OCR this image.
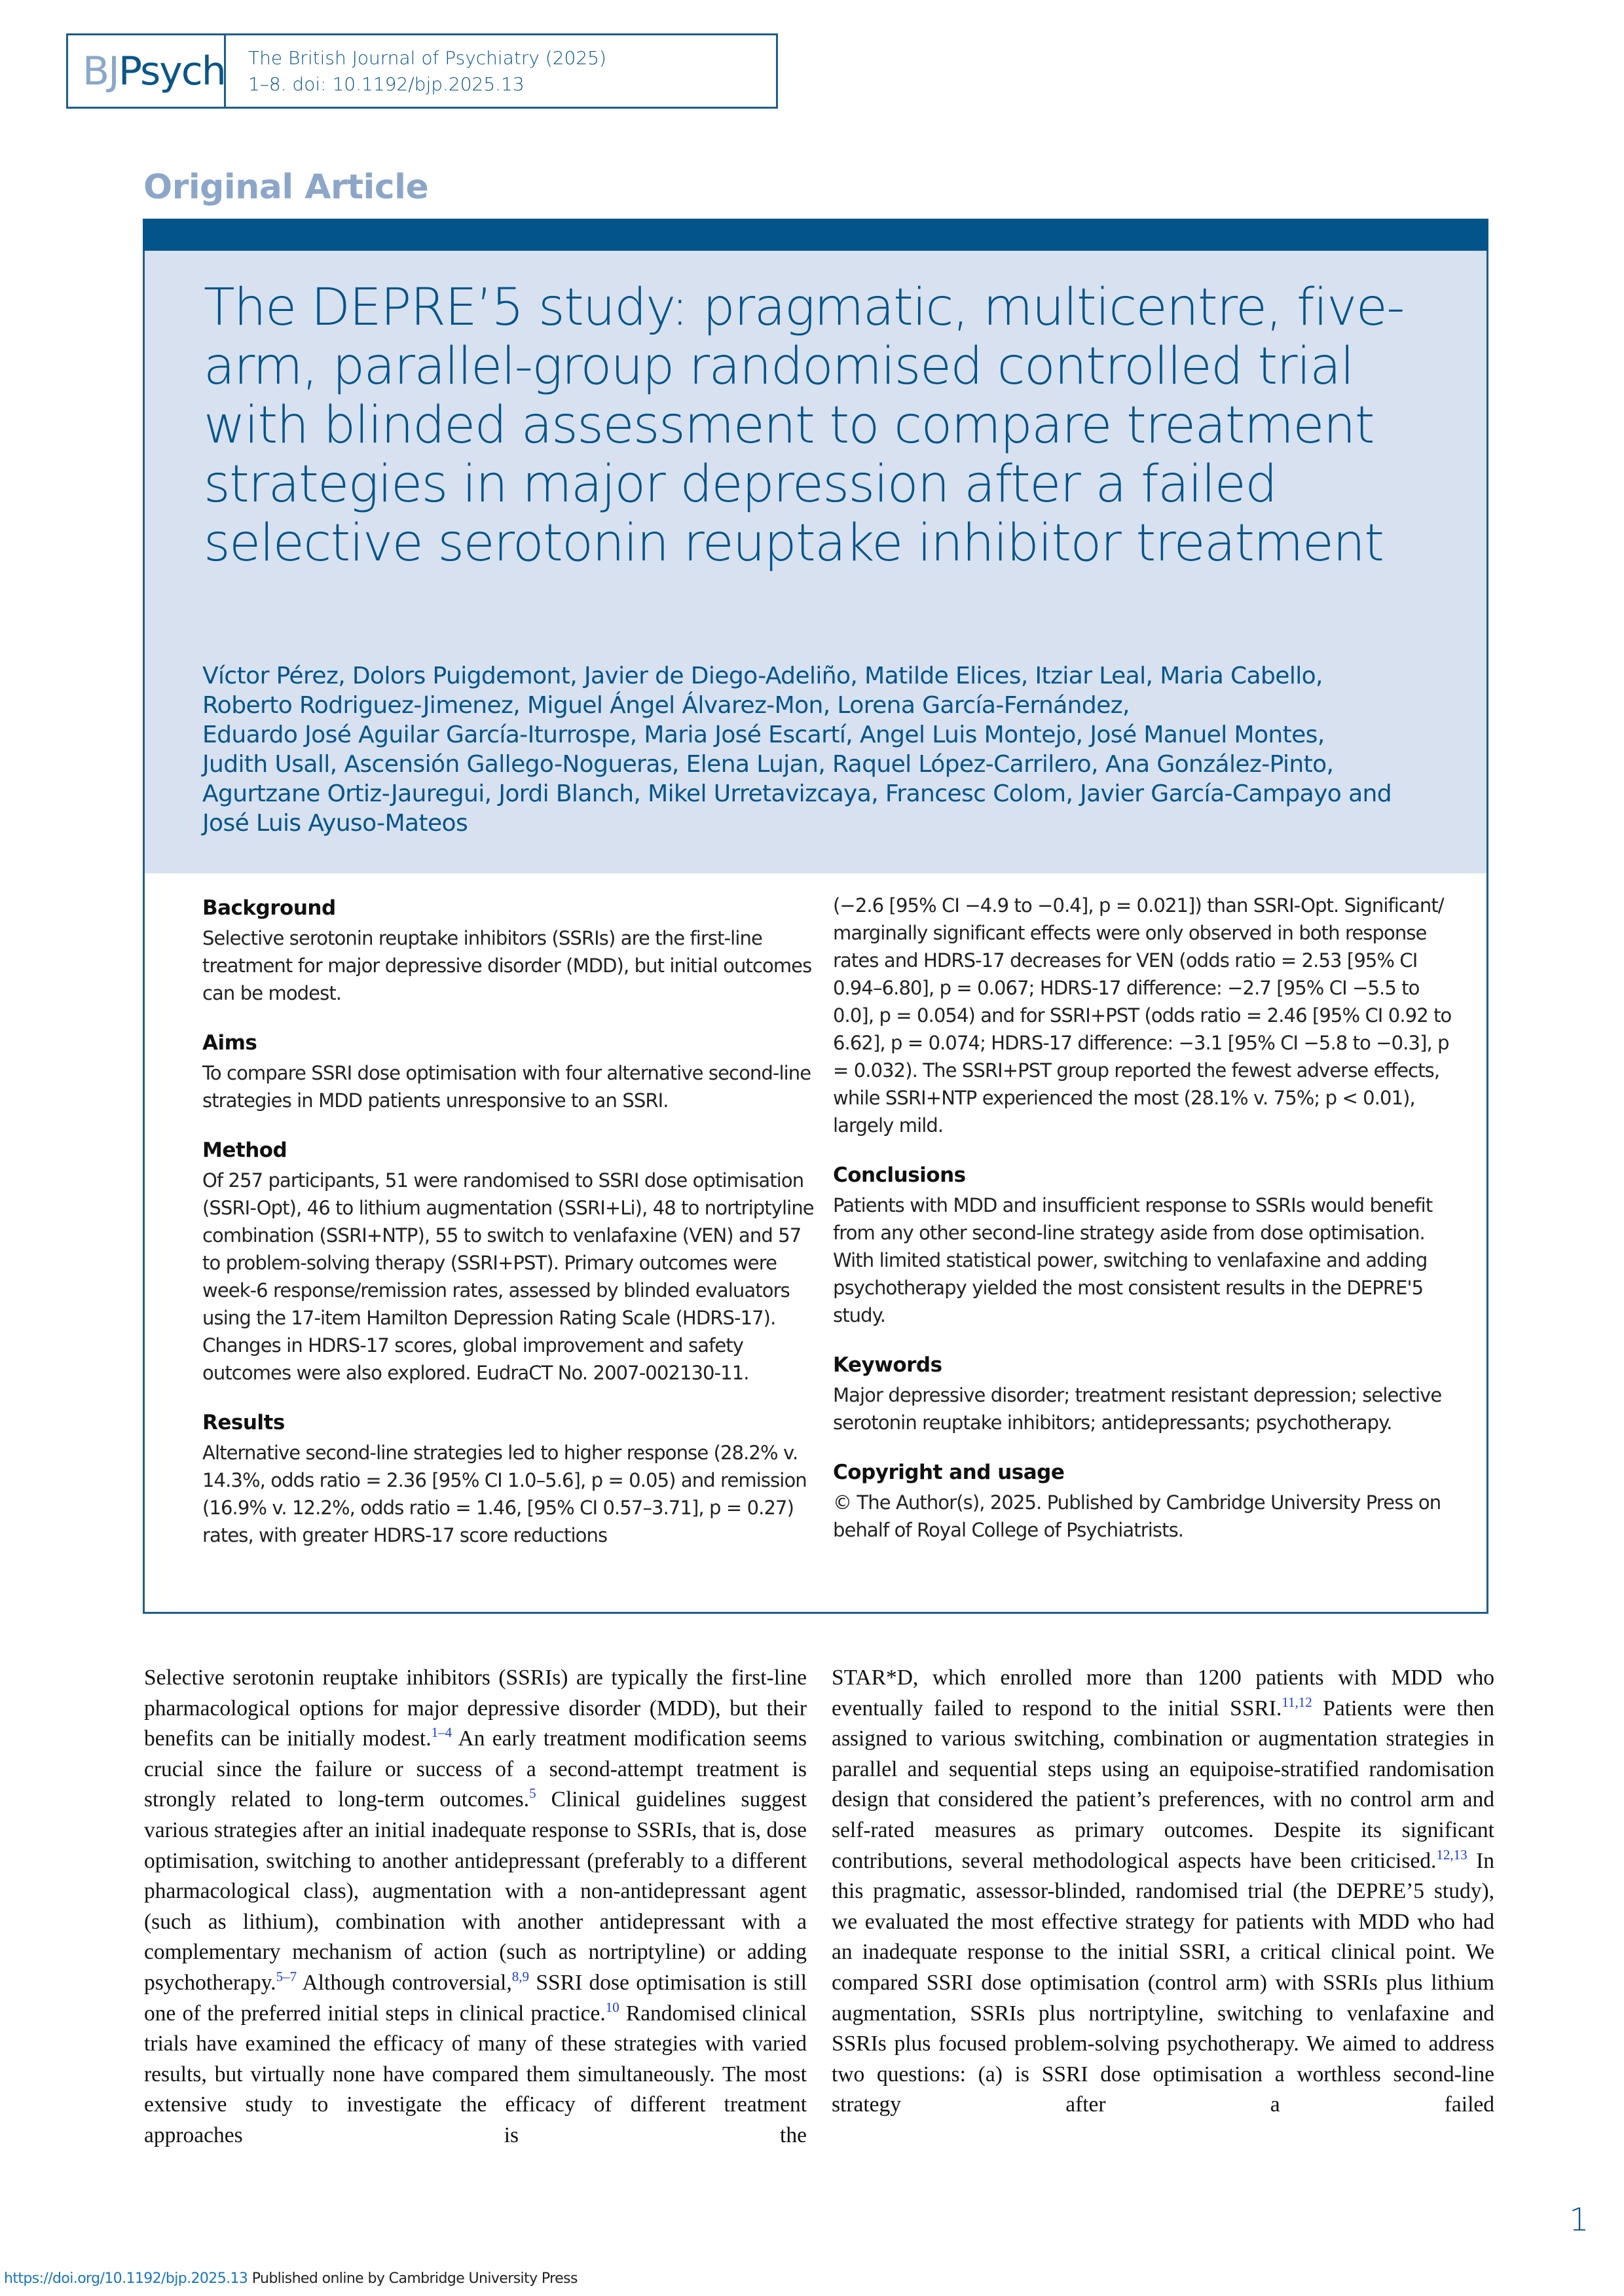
BJ Psych The British Journal of Psychiatry (2025)
1–8. doi: 10.1192/bjp.2025.13
Original Article
The DEPRE’5 study: pragmatic, multicentre, five-arm, parallel-group randomised controlled trial with blinded assessment to compare treatment strategies in major depression after a failed selective serotonin reuptake inhibitor treatment
Víctor Pérez, Dolors Puigdemont, Javier de Diego-Adeliño, Matilde Elices, Itziar Leal, Maria Cabello,
Roberto Rodriguez-Jimenez, Miguel Ángel Álvarez-Mon, Lorena García-Fernández,
Eduardo José Aguilar García-Iturrospe, Maria José Escartí, Angel Luis Montejo, José Manuel Montes,
Judith Usall, Ascensión Gallego-Nogueras, Elena Lujan, Raquel López-Carrilero, Ana González-Pinto,
Agurtzane Ortiz-Jauregui, Jordi Blanch, Mikel Urretavizcaya, Francesc Colom, Javier García-Campayo and
José Luis Ayuso-Mateos
Background
Selective serotonin reuptake inhibitors (SSRIs) are the first-line treatment for major depressive disorder (MDD), but initial outcomes can be modest.
Aims
To compare SSRI dose optimisation with four alternative second-line strategies in MDD patients unresponsive to an SSRI.
Method
Of 257 participants, 51 were randomised to SSRI dose optimisation (SSRI-Opt), 46 to lithium augmentation (SSRI+Li), 48 to nortriptyline combination (SSRI+NTP), 55 to switch to venlafaxine (VEN) and 57 to problem-solving therapy (SSRI+PST). Primary outcomes were week-6 response/remission rates, assessed by blinded evaluators using the 17-item Hamilton Depression Rating Scale (HDRS-17). Changes in HDRS-17 scores, global improvement and safety outcomes were also explored. EudraCT No. 2007-002130-11.
Results
Alternative second-line strategies led to higher response (28.2% v. 14.3%, odds ratio = 2.36 [95% CI 1.0–5.6], p = 0.05) and remission (16.9% v. 12.2%, odds ratio = 1.46, [95% CI 0.57–3.71], p = 0.27) rates, with greater HDRS-17 score reductions
(−2.6 [95% CI −4.9 to −0.4], p = 0.021]) than SSRI-Opt. Significant/ marginally significant effects were only observed in both response rates and HDRS-17 decreases for VEN (odds ratio = 2.53 [95% CI 0.94–6.80], p = 0.067; HDRS-17 difference: −2.7 [95% CI −5.5 to 0.0], p = 0.054) and for SSRI+PST (odds ratio = 2.46 [95% CI 0.92 to 6.62], p = 0.074; HDRS-17 difference: −3.1 [95% CI −5.8 to −0.3], p = 0.032). The SSRI+PST group reported the fewest adverse effects, while SSRI+NTP experienced the most (28.1% v. 75%; p < 0.01), largely mild.
Conclusions
Patients with MDD and insufficient response to SSRIs would benefit from any other second-line strategy aside from dose optimisation. With limited statistical power, switching to venlafaxine and adding psychotherapy yielded the most consistent results in the DEPRE'5 study.
Keywords
Major depressive disorder; treatment resistant depression; selective serotonin reuptake inhibitors; antidepressants; psychotherapy.
Copyright and usage
© The Author(s), 2025. Published by Cambridge University Press on behalf of Royal College of Psychiatrists.

Selective serotonin reuptake inhibitors (SSRIs) are typically the first-line pharmacological options for major depressive disorder (MDD), but their benefits can be initially modest.$^{1-4}$ An early treatment modification seems crucial since the failure or success of a second-attempt treatment is strongly related to long-term outcomes.$^5$ Clinical guidelines suggest various strategies after an initial inadequate response to SSRIs, that is, dose optimisation, switching to another antidepressant (preferably to a different pharmacological class), augmentation with a non-antidepressant agent (such as lithium), combination with another antidepressant with a complementary mechanism of action (such as nortriptyline) or adding psychotherapy.$^{5-7}$ Although controversial,$^{8,9}$ SSRI dose optimisation is still one of the preferred initial steps in clinical practice.$^{10}$ Randomised clinical trials have examined the efficacy of many of these strategies with varied results, but virtually none have compared them simultaneously. The most extensive study to investigate the efficacy of different treatment approaches is the

STAR*D, which enrolled more than 1200 patients with MDD who eventually failed to respond to the initial SSRI.$^{11,12}$ Patients were then assigned to various switching, combination or augmentation strategies in parallel and sequential steps using an equipoise-stratified randomisation design that considered the patient’s preferences, with no control arm and self-rated measures as primary outcomes. Despite its significant contributions, several methodological aspects have been criticised.$^{12,13}$ In this pragmatic, assessor-blinded, randomised trial (the DEPRE’5 study), we evaluated the most effective strategy for patients with MDD who had an inadequate response to the initial SSRI, a critical clinical point. We compared SSRI dose optimisation (control arm) with SSRIs plus lithium augmentation, SSRIs plus nortriptyline, switching to venlafaxine and SSRIs plus focused problem-solving psychotherapy. We aimed to address two questions: (a) is SSRI dose optimisation a worthless second-line strategy after a failed

1
https://doi.org/10.1192/bjp.2025.13 Published online by Cambridge University Press
